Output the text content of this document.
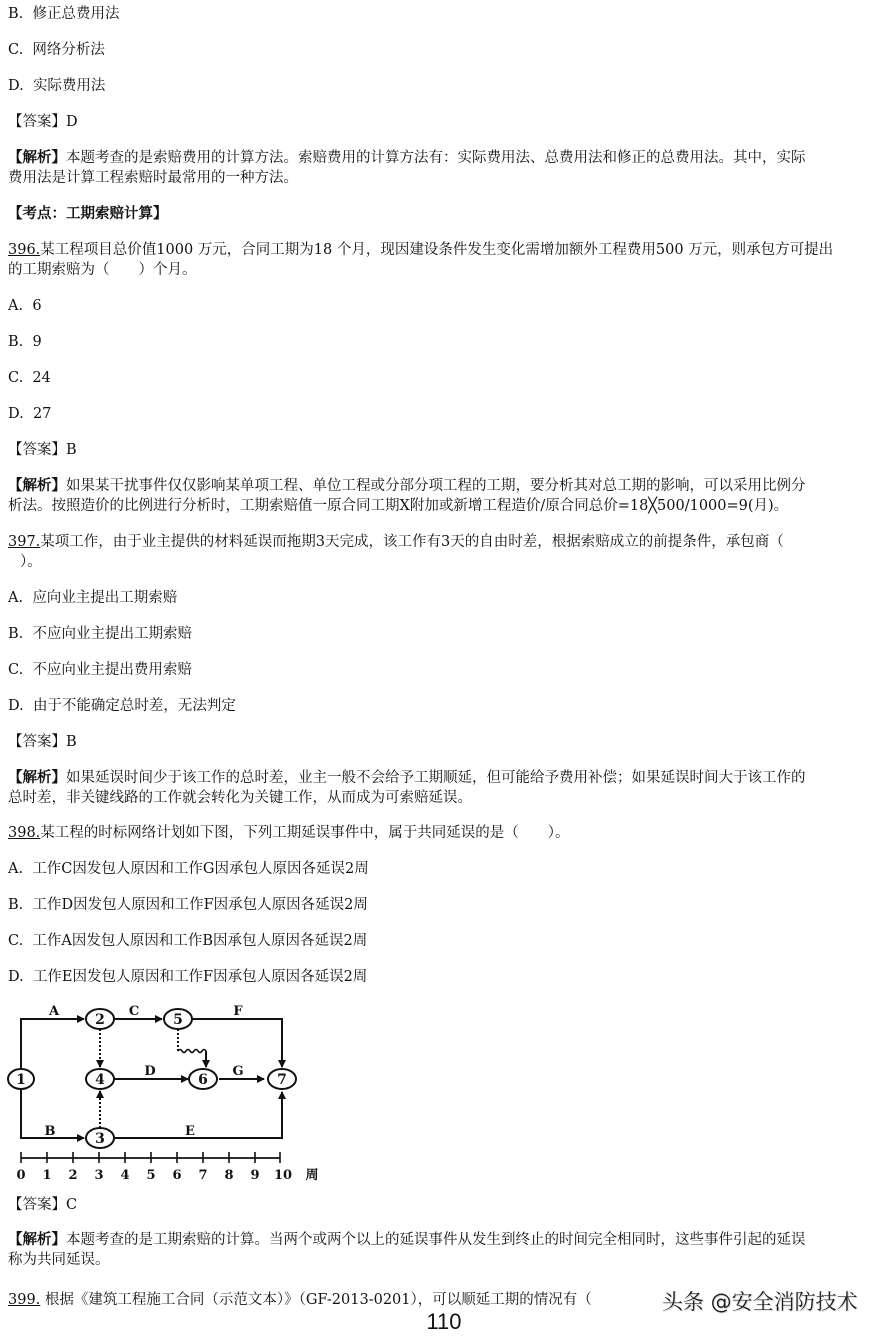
B. 修正总费用法
C. 网络分析法
D. 实际费用法
【答案】D
【解析】本题考查的是索赔费用的计算方法。索赔费用的计算方法有：实际费用法、总费用法和修正的总费用法。其中，实际
费用法是计算工程索赔时最常用的一种方法。
【考点：工期索赔计算】
396.某工程项目总价值1000 万元，合同工期为18 个月，现因建设条件发生变化需增加额外工程费用500 万元，则承包方可提出
的工期索赔为（　　）个月。
A. 6
B. 9
C. 24
D. 27
【答案】B
【解析】如果某干扰事件仅仅影响某单项工程、单位工程或分部分项工程的工期，要分析其对总工期的影响，可以采用比例分
析法。按照造价的比例进行分析时，工期索赔值一原合同工期X附加或新增工程造价/原合同总价=18╳500/1000=9(月)。
397.某项工作，由于业主提供的材料延误而拖期3天完成，该工作有3天的自由时差，根据索赔成立的前提条件，承包商（
）。
A. 应向业主提出工期索赔
B. 不应向业主提出工期索赔
C. 不应向业主提出费用索赔
D. 由于不能确定总时差，无法判定
【答案】B
【解析】如果延误时间少于该工作的总时差，业主一般不会给予工期顺延，但可能给予费用补偿；如果延误时间大于该工作的
总时差，非关键线路的工作就会转化为关键工作，从而成为可索赔延误。
398.某工程的时标网络计划如下图，下列工期延误事件中，属于共同延误的是（　　）。
A. 工作C因发包人原因和工作G因承包人原因各延误2周
B. 工作D因发包人原因和工作F因承包人原因各延误2周
C. 工作A因发包人原因和工作B因承包人原因各延误2周
D. 工作E因发包人原因和工作F因承包人原因各延误2周
1
2
3
4
5
6	7
A
B
C
D
E
F
G
0 1 2 3 4 5 6 7 8 9 10 周
【答案】C
【解析】本题考查的是工期索赔的计算。当两个或两个以上的延误事件从发生到终止的时间完全相同时，这些事件引起的延误
称为共同延误。
399. 根据《建筑工程施工合同（示范文本）》（GF-2013-0201），可以顺延工期的情况有（
110
头条 @安全消防技术
